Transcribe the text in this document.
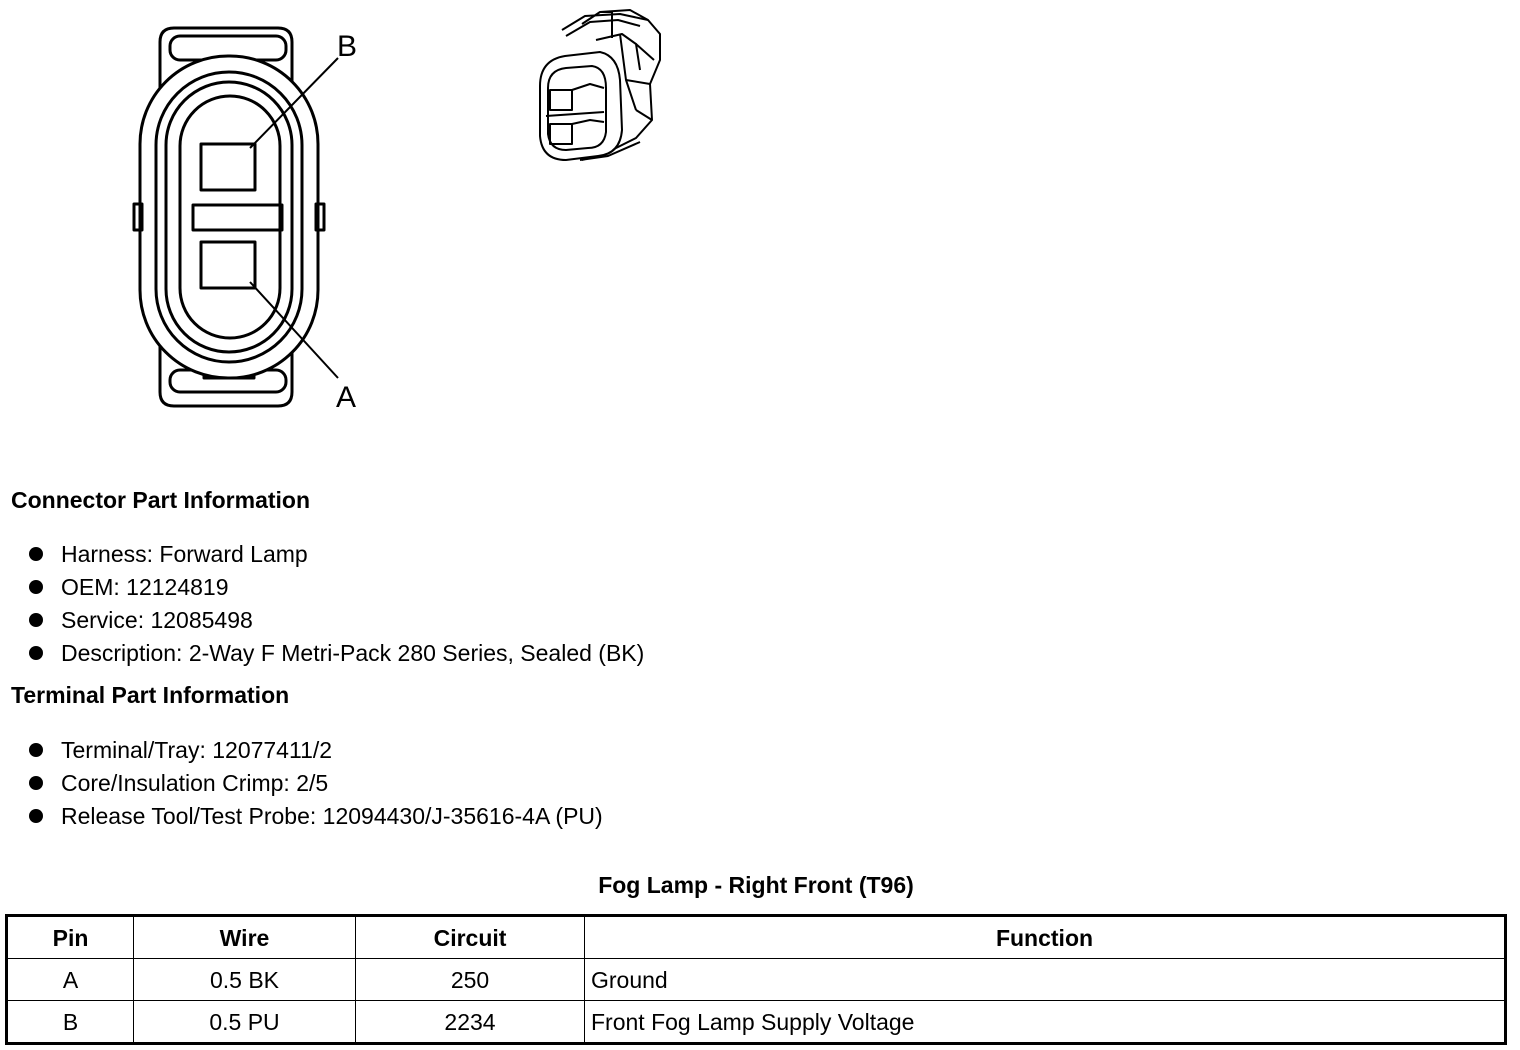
B
A
Connector Part Information
Harness: Forward Lamp
OEM: 12124819
Service: 12085498
Description: 2-Way F Metri-Pack 280 Series, Sealed (BK)
Terminal Part Information
Terminal/Tray: 12077411/2
Core/Insulation Crimp: 2/5
Release Tool/Test Probe: 12094430/J-35616-4A (PU)
Fog Lamp - Right Front (T96)
Pin	Wire	Circuit	Function
A	0.5 BK	250	Ground
B	0.5 PU	2234	Front Fog Lamp Supply Voltage
